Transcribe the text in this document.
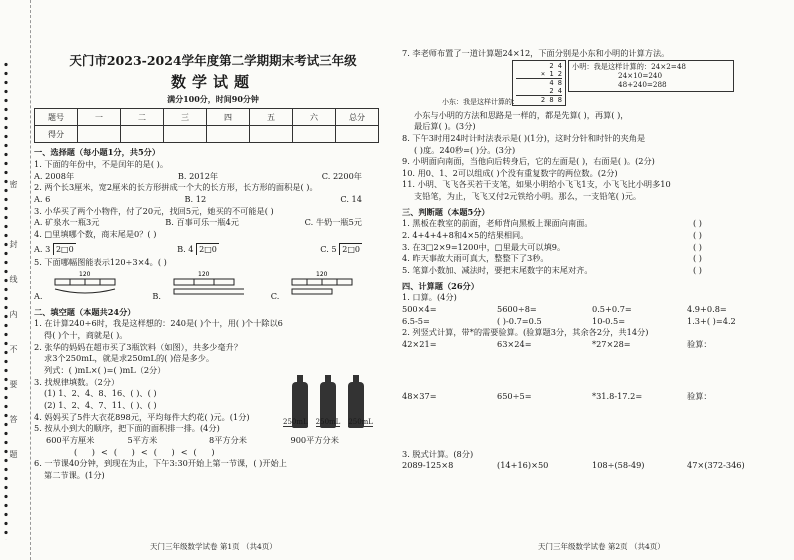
密
封
线
内
不
要
答
题

天门市2023-2024学年度第二学期期末考试三年级

数学试题

满分100分，时间90分钟

题号	一	二	三	四	五	六	总分
得分							
一、选择题（每小题1分，共5分）
1. 下面的年份中，不是闰年的是( )。
A. 2008年	B. 2012年	C. 2200年
2. 两个长3厘米，宽2厘米的长方形拼成一个大的长方形，长方形的面积是( )。
A. 6	B. 12	C. 14
3. 小华买了两个小物件，付了20元，找回5元，她买的不可能是( )
A. 矿泉水一瓶3元	B. 百事可乐一瓶4元	C. 牛奶一瓶5元
4. □里填哪个数，商末尾是0？( )
A. 3 2□0	B. 4 2□0	C. 5 2□0
5. 下面哪幅图能表示120÷3×4。( )
A.
120
B.
120
C.
120
二、填空题（本题共24分）
1. 在计算240÷6时，我是这样想的：240是( )个十，用( )个十除以6
得( )个十，商就是( )。
2. 张华的妈妈在超市买了3瓶饮料（如图），共多少毫升？
求3个250mL，就是求250mL的( )倍是多少。
列式：( )mL×( )=( )mL（2分）
3. 找规律填数。（2分）
(1) 1、2、4、8、16、( )、( )
(2) 1、2、4、7、11、( )、( )
4. 妈妈买了5件大衣花898元，平均每件大约花( )元。(1分)
5. 按从小到大的顺序，把下面的面积排一排。(4分)
600平方厘米	5平方米	8平方分米	900平方分米
( )<( )<( )<( )
6. 一节课40分钟，到现在为止，下午3:30开始上第一节课，( )开始上
第二节课。(1分)
250mL 250mL 250mL
7. 李老师布置了一道计算题24×12，下面分别是小东和小明的计算方法。
2 4
× 1 2
4 8
2 4
2 8 8
小东：我是这样计算的：
小明：我是这样计算的：24×2=48
24×10=240
48+240=288
小东与小明的方法和思路是一样的，都是先算( )，再算( )，
最后算( )。(3分)
8. 下午3时用24时计时法表示是( )(1分)，这时分针和时针的夹角是
( )度。240秒=( )分。(3分)
9. 小明面向南面，当他向后转身后，它的左面是( )，右面是( )。(2分)
10. 用0、1、2可以组成( )个没有重复数字的两位数。(2分)
11. 小明、飞飞各买若干支笔，如果小明给小飞飞1支，小飞飞比小明多10
支铅笔，为止，飞飞又付2元铁给小明。那么，一支铅笔( )元。
三、判断题（本题5分）
1. 黑板在教室的前面，老师背向黑板上课面向南面。	( )
2. 4+4+4+8和4×5的结果相同。	( )
3. 在3□2×9=1200中，□里最大可以填9。	( )
4. 昨天事故大雨可真大，整整下了3秒。	( )
5. 笔算小数加、减法时，要把末尾数字的末尾对齐。	( )
四、计算题（26分）
1. 口算。(4分)
500×4=	5600÷8=	0.5+0.7=	4.9+0.8=
6.5-5=	( )-0.7=0.5	10-0.5=	1.3+( )=4.2
2. 列竖式计算，带*的需要验算。(验算题3分，其余各2分，共14分)
42×21=	63×24=	*27×28=	验算：
48×37=	650÷5=	*31.8-17.2=	验算：
3. 脱式计算。(8分)
2089-125×8	(14+16)×50	108÷(58-49)	47×(372-346)
天门三年级数学试卷 第1页 （共4页）	天门三年级数学试卷 第2页 （共4页）
